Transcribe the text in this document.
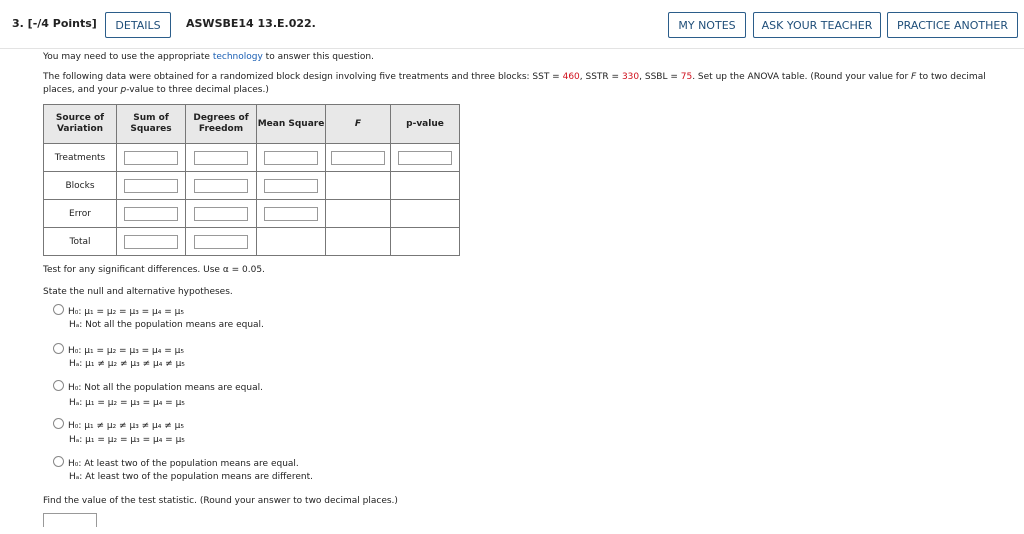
3. [-/4 Points]	DETAILS	ASWSBE14 13.E.022.	MY NOTES	ASK YOUR TEACHER	PRACTICE ANOTHER
You may need to use the appropriate technology to answer this question.
The following data were obtained for a randomized block design involving five treatments and three blocks: SST = 460, SSTR = 330, SSBL = 75. Set up the ANOVA table. (Round your value for F to two decimal
places, and your p-value to three decimal places.)
Source of Variation	Sum of Squares	Degrees of Freedom	Mean Square	F	p-value
Treatments	

Blocks	

Error	

Total	

Test for any significant differences. Use α = 0.05.
State the null and alternative hypotheses.
H₀: μ₁ = μ₂ = μ₃ = μ₄ = μ₅
Hₐ: Not all the population means are equal.
H₀: μ₁ = μ₂ = μ₃ = μ₄ = μ₅
Hₐ: μ₁ ≠ μ₂ ≠ μ₃ ≠ μ₄ ≠ μ₅
H₀: Not all the population means are equal.
Hₐ: μ₁ = μ₂ = μ₃ = μ₄ = μ₅
H₀: μ₁ ≠ μ₂ ≠ μ₃ ≠ μ₄ ≠ μ₅
Hₐ: μ₁ = μ₂ = μ₃ = μ₄ = μ₅
H₀: At least two of the population means are equal.
Hₐ: At least two of the population means are different.
Find the value of the test statistic. (Round your answer to two decimal places.)
